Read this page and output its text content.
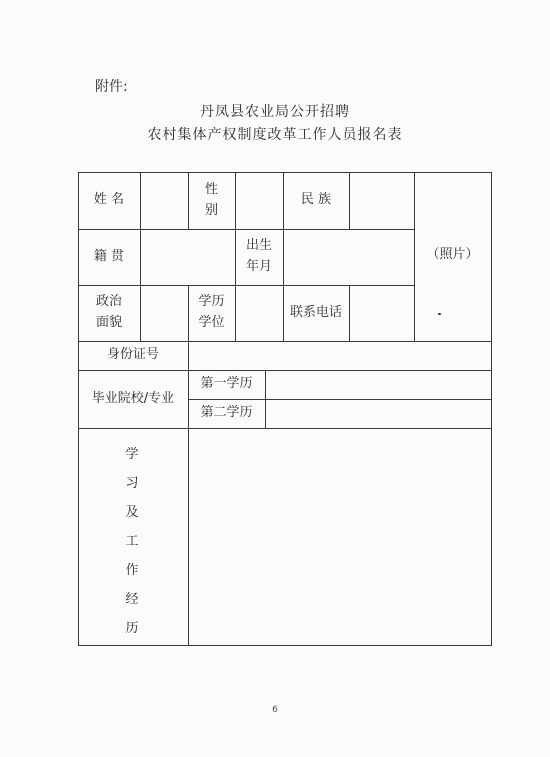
附件:
丹凤县农业局公开招聘
农村集体产权制度改革工作人员报名表
姓 名
性
别
民 族
（照片）
籍 贯
出生
年月
政治
面貌
学历
学位
联系电话
身份证号
毕业院校/专业
第一学历
第二学历
学
习
及
工
作
经
历
6
